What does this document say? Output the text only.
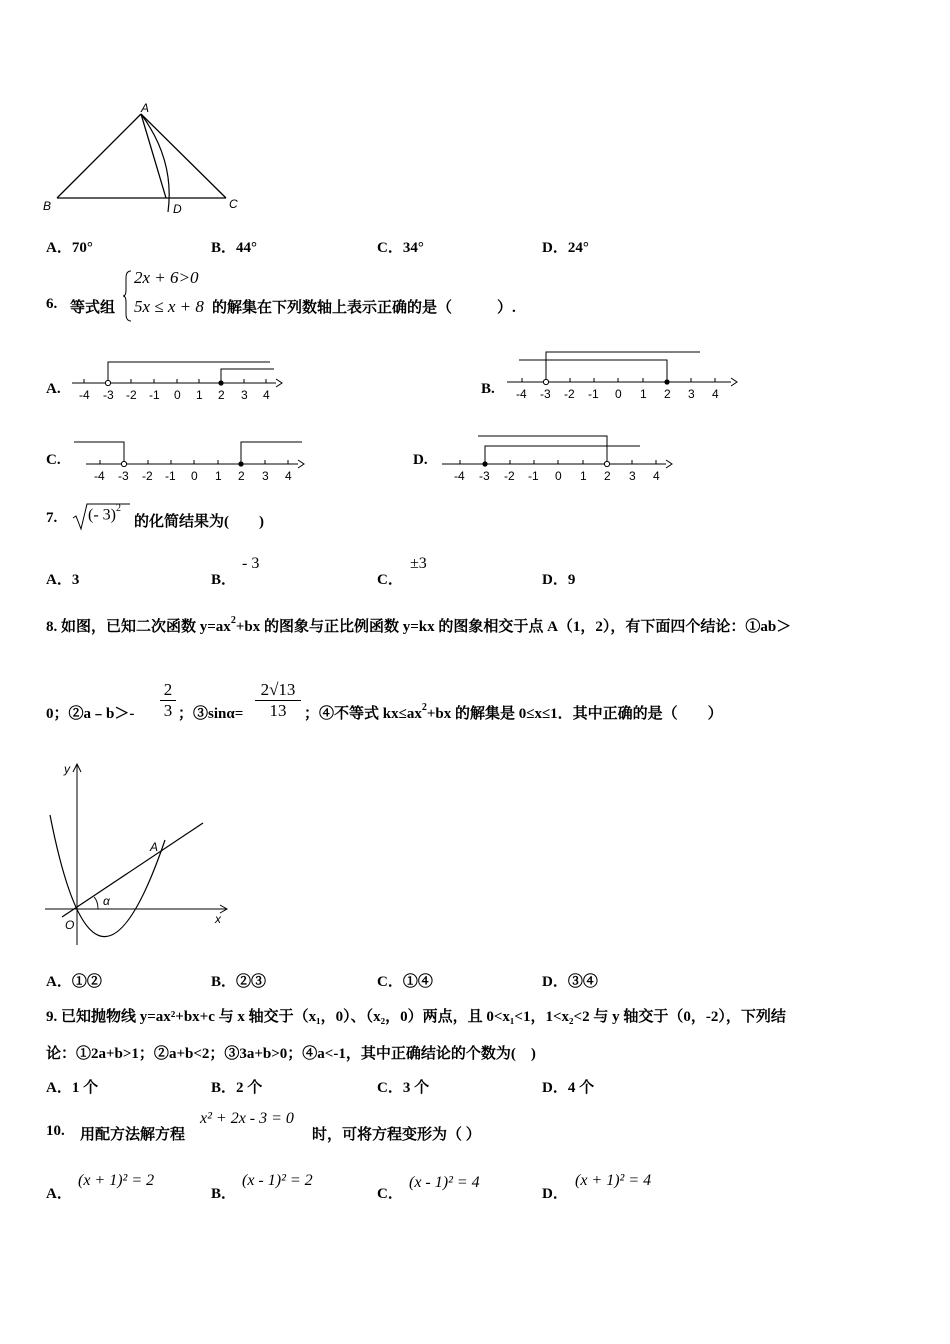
A
B	C
D
A．70°	B．44°	C．34°	D．24°
6. 等式组
2x + 6>0
5x ≤ x + 8 的解集在下列数轴上表示正确的是（　　　）.
A. -4 -3 -2 -1 0 1 2 3 4	B. -4 -3 -2 -1 0 1 2 3 4
C.
-4 -3 -2 -1 0 1 2 3 4
D.
-4 -3 -2 -1 0 1 2 3 4
7. (- 3)$^2$
的化简结果为(　　)
A．3	B．
- 3
C．
±3
D．9
8. 如图，已知二次函数 $y=ax^2+bx$ 的图象与正比例函数 y=kx 的图象相交于点 A（1，2），有下面四个结论：①ab＞
0；②a﹣b＞- $\frac{2}{3}$ ；③sinα= $\frac{2√13}{13}$ ；④不等式 $kx\le ax^2+bx$ 的解集是 0≤x≤1．其中正确的是（　　）
y
x
A
O
α
A．①②	B．②③	C．①④	D．③④
9. 已知抛物线 y=ax²+bx+c 与 x 轴交于（x₁，0）、（x₂，0）两点，且 0<x₁<1，1<x₂<2 与 y 轴交于（0，-2），下列结
论：①2a+b>1；②a+b<2；③3a+b>0；④a<-1，其中正确结论的个数为(　)
A．1 个	B．2 个	C．3 个	D．4 个
10. 用配方法解方程
x² + 2x - 3 = 0
时，可将方程变形为（ ）
A．
(x + 1)² = 2
B．
(x - 1)² = 2
C．
(x - 1)² = 4
D．
(x + 1)² = 4
